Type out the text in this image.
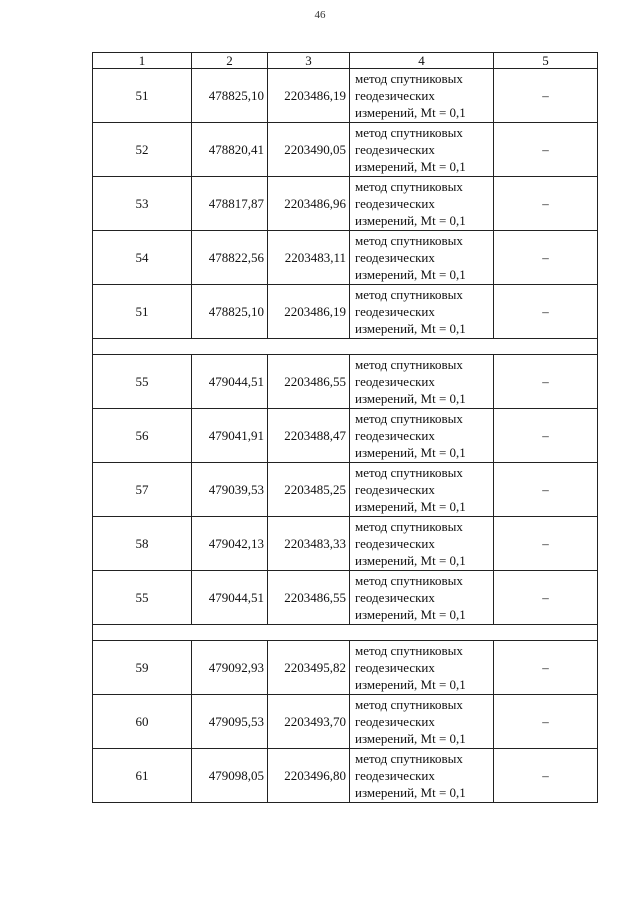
46
1	2	3	4	5
51	478825,10	2203486,19	метод спутниковых
геодезических
измерений, Mt = 0,1	–
52	478820,41	2203490,05	метод спутниковых
геодезических
измерений, Mt = 0,1	–
53	478817,87	2203486,96	метод спутниковых
геодезических
измерений, Mt = 0,1	–
54	478822,56	2203483,11	метод спутниковых
геодезических
измерений, Mt = 0,1	–
51	478825,10	2203486,19	метод спутниковых
геодезических
измерений, Mt = 0,1	–

55	479044,51	2203486,55	метод спутниковых
геодезических
измерений, Mt = 0,1	–
56	479041,91	2203488,47	метод спутниковых
геодезических
измерений, Mt = 0,1	–
57	479039,53	2203485,25	метод спутниковых
геодезических
измерений, Mt = 0,1	–
58	479042,13	2203483,33	метод спутниковых
геодезических
измерений, Mt = 0,1	–
55	479044,51	2203486,55	метод спутниковых
геодезических
измерений, Mt = 0,1	–

59	479092,93	2203495,82	метод спутниковых
геодезических
измерений, Mt = 0,1	–
60	479095,53	2203493,70	метод спутниковых
геодезических
измерений, Mt = 0,1	–
61	479098,05	2203496,80	метод спутниковых
геодезических
измерений, Mt = 0,1	–
